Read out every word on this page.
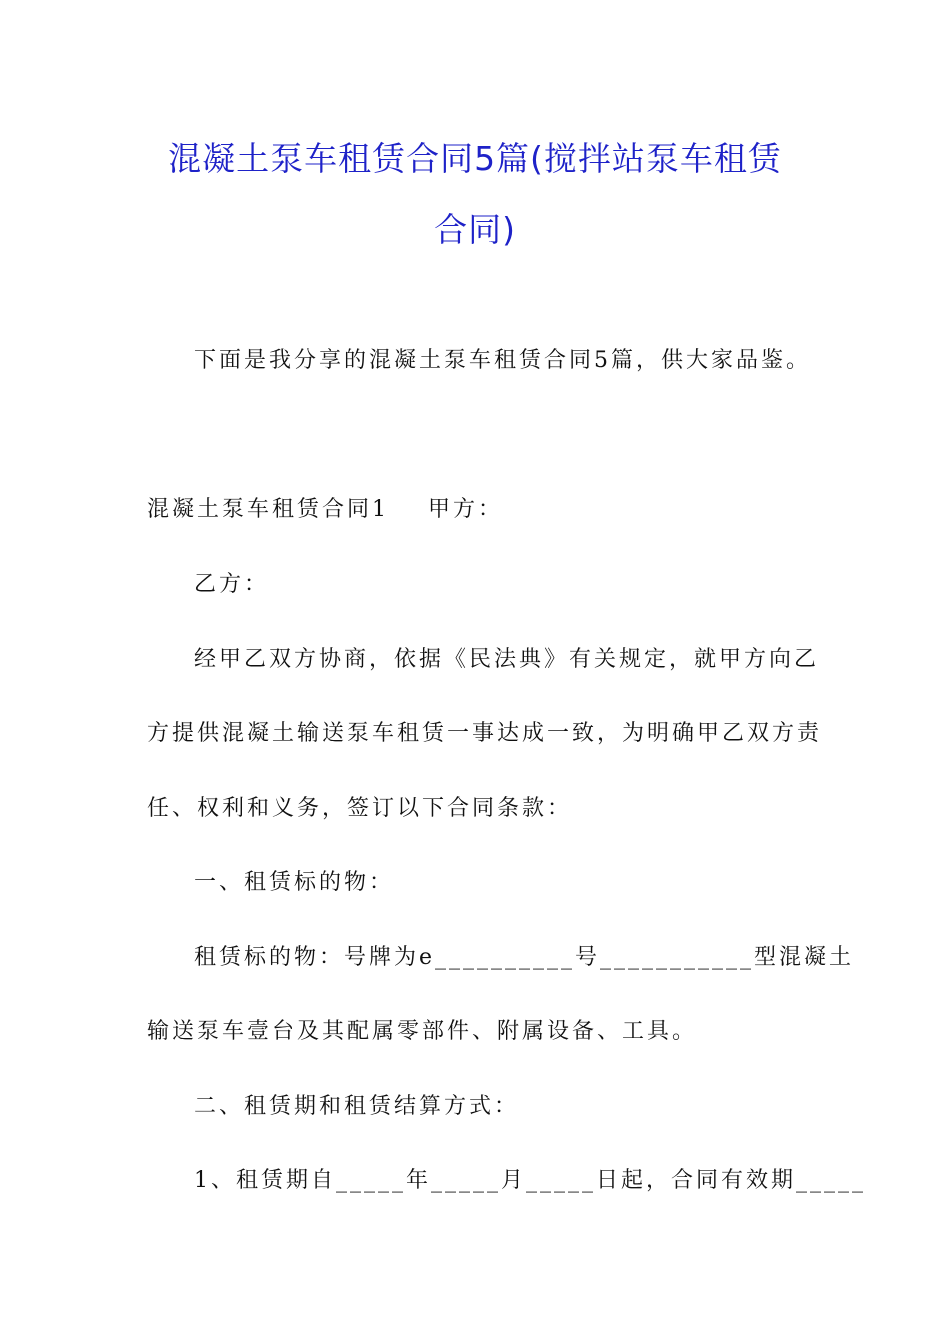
混凝土泵车租赁合同5篇(搅拌站泵车租赁
合同)
下面是我分享的混凝土泵车租赁合同5篇，供大家品鉴。
混凝土泵车租赁合同1 甲方：
乙方：
经甲乙双方协商，依据《民法典》有关规定，就甲方向乙
方提供混凝土输送泵车租赁一事达成一致，为明确甲乙双方责
任、权利和义务，签订以下合同条款：
一、租赁标的物：
租赁标的物：号牌为e__________号___________型混凝土
输送泵车壹台及其配属零部件、附属设备、工具。
二、租赁期和租赁结算方式：
1、租赁期自_____年_____月_____日起，合同有效期_____
